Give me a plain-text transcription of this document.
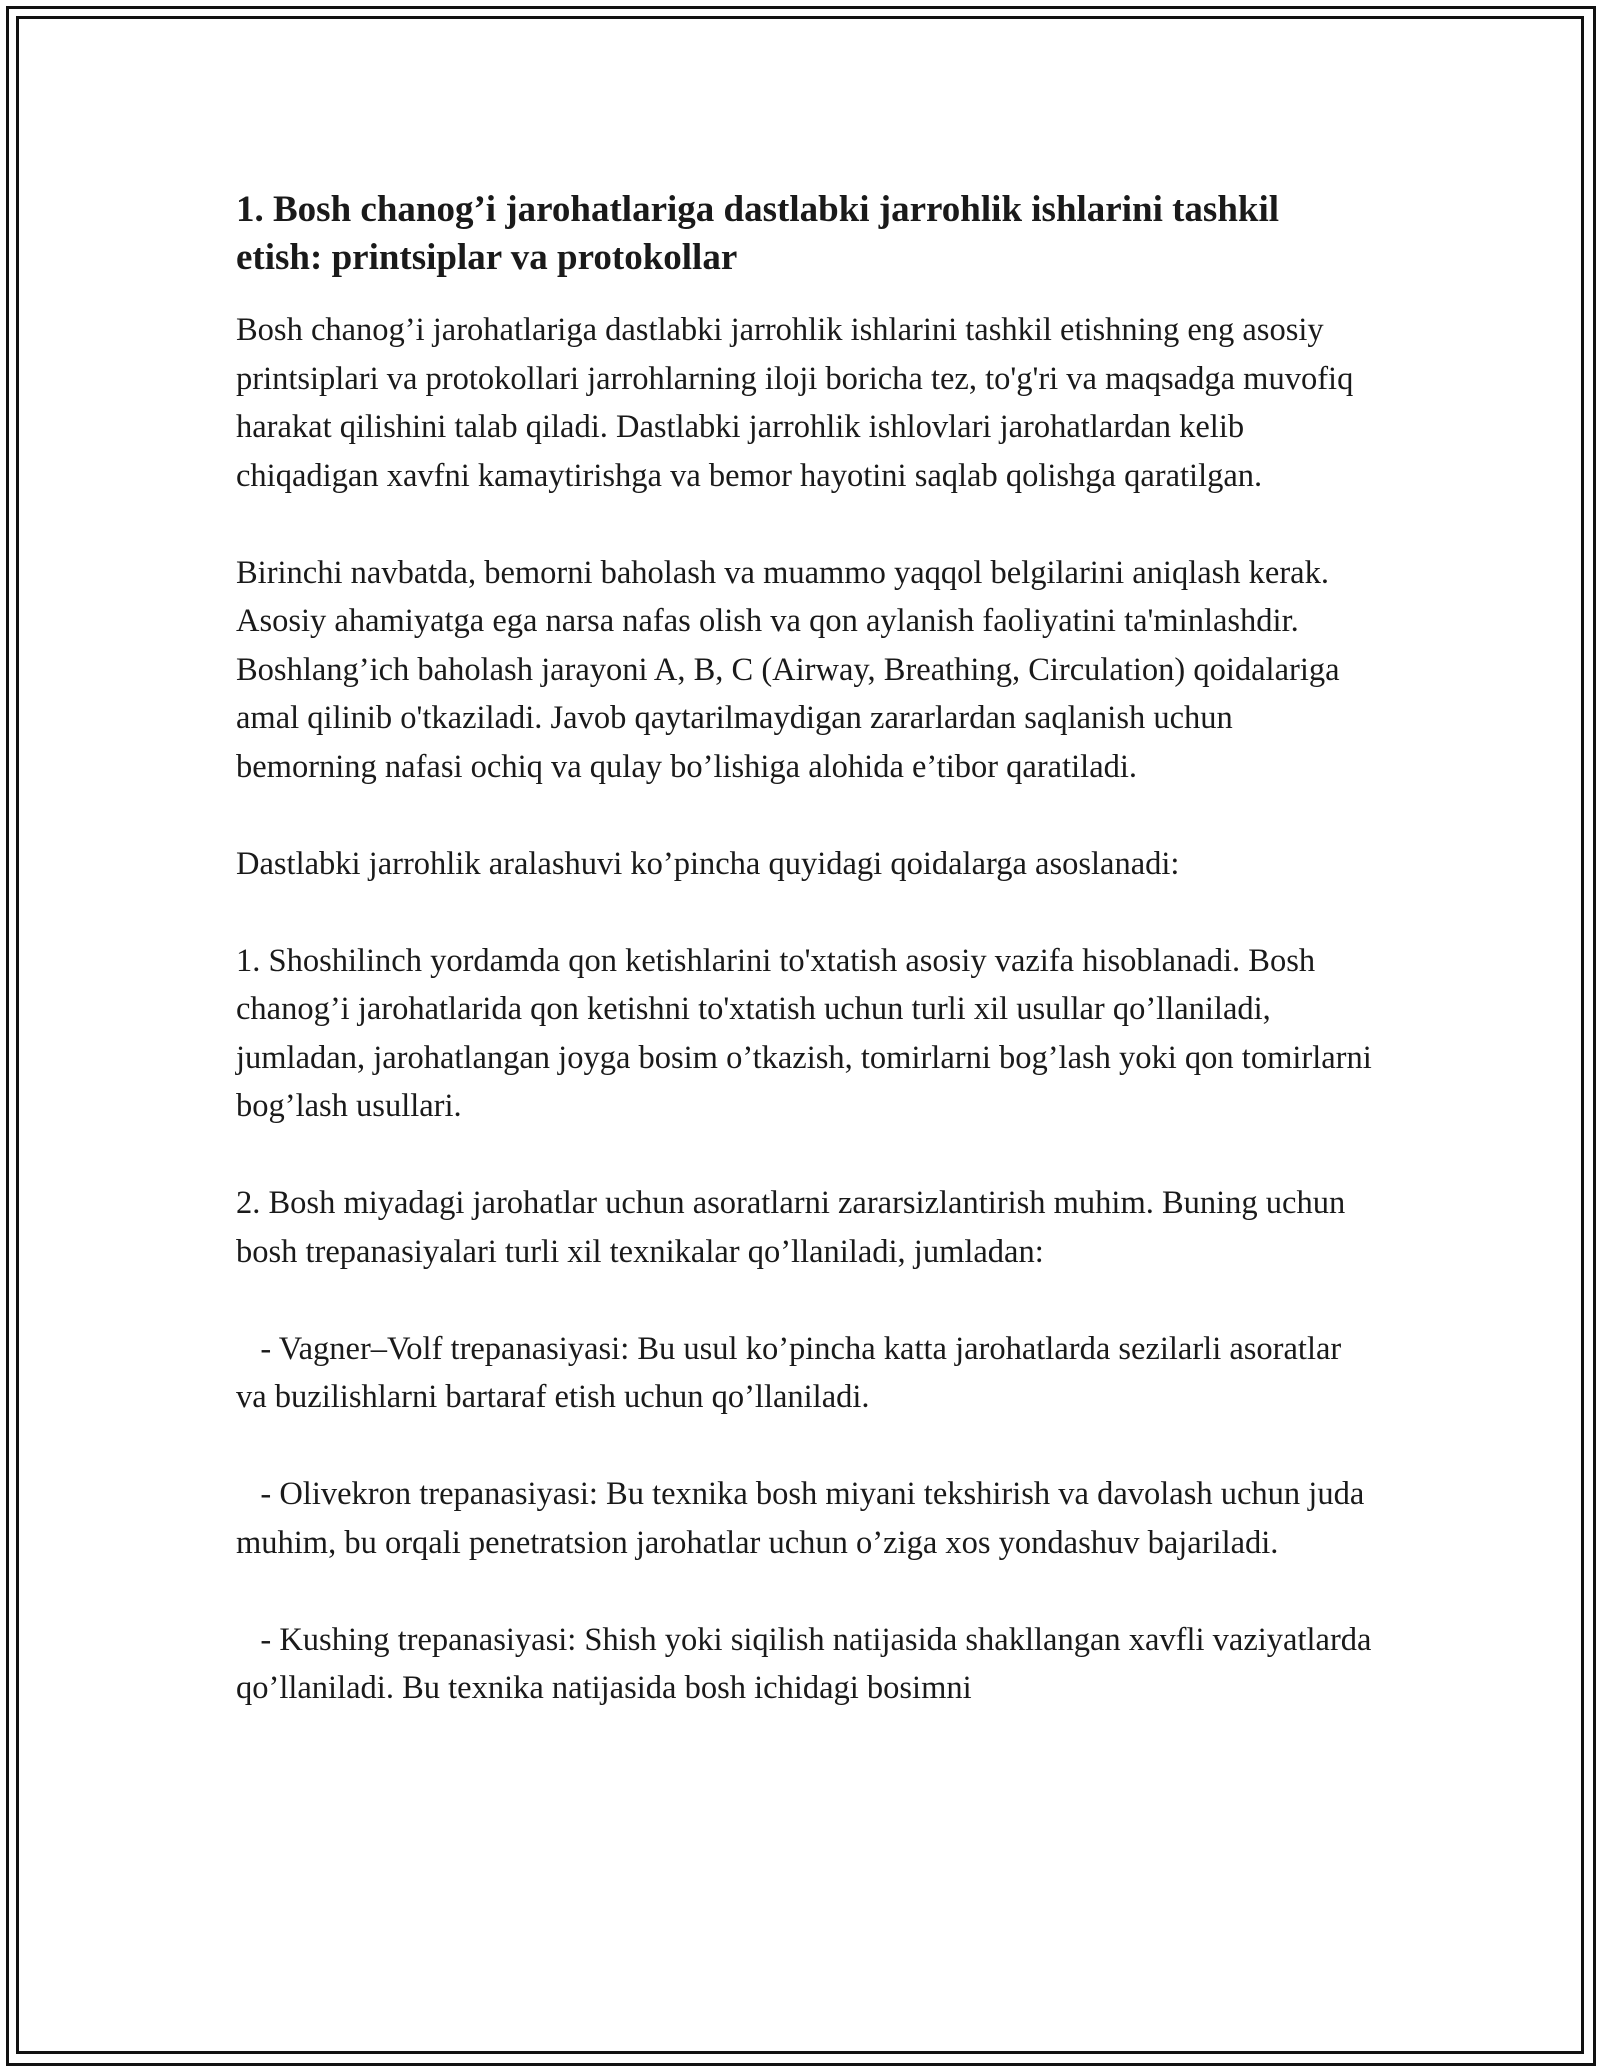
1. Bosh chanog’i jarohatlariga dastlabki jarrohlik ishlarini tashkil etish: printsiplar va protokollar

Bosh chanog’i jarohatlariga dastlabki jarrohlik ishlarini tashkil etishning eng asosiy printsiplari va protokollari jarrohlarning iloji boricha tez, to'g'ri va maqsadga muvofiq harakat qilishini talab qiladi. Dastlabki jarrohlik ishlovlari jarohatlardan kelib chiqadigan xavfni kamaytirishga va bemor hayotini saqlab qolishga qaratilgan.

Birinchi navbatda, bemorni baholash va muammo yaqqol belgilarini aniqlash kerak. Asosiy ahamiyatga ega narsa nafas olish va qon aylanish faoliyatini ta'minlashdir. Boshlang’ich baholash jarayoni A, B, C (Airway, Breathing, Circulation) qoidalariga amal qilinib o'tkaziladi. Javob qaytarilmaydigan zararlardan saqlanish uchun bemorning nafasi ochiq va qulay bo’lishiga alohida e’tibor qaratiladi.

Dastlabki jarrohlik aralashuvi ko’pincha quyidagi qoidalarga asoslanadi:

1. Shoshilinch yordamda qon ketishlarini to'xtatish asosiy vazifa hisoblanadi. Bosh chanog’i jarohatlarida qon ketishni to'xtatish uchun turli xil usullar qo’llaniladi, jumladan, jarohatlangan joyga bosim o’tkazish, tomirlarni bog’lash yoki qon tomirlarni bog’lash usullari.

2. Bosh miyadagi jarohatlar uchun asoratlarni zararsizlantirish muhim. Buning uchun bosh trepanasiyalari turli xil texnikalar qo’llaniladi, jumladan:

- Vagner–Volf trepanasiyasi: Bu usul ko’pincha katta jarohatlarda sezilarli asoratlar va buzilishlarni bartaraf etish uchun qo’llaniladi.

- Olivekron trepanasiyasi: Bu texnika bosh miyani tekshirish va davolash uchun juda muhim, bu orqali penetratsion jarohatlar uchun o’ziga xos yondashuv bajariladi.

- Kushing trepanasiyasi: Shish yoki siqilish natijasida shakllangan xavfli vaziyatlarda qo’llaniladi. Bu texnika natijasida bosh ichidagi bosimni
